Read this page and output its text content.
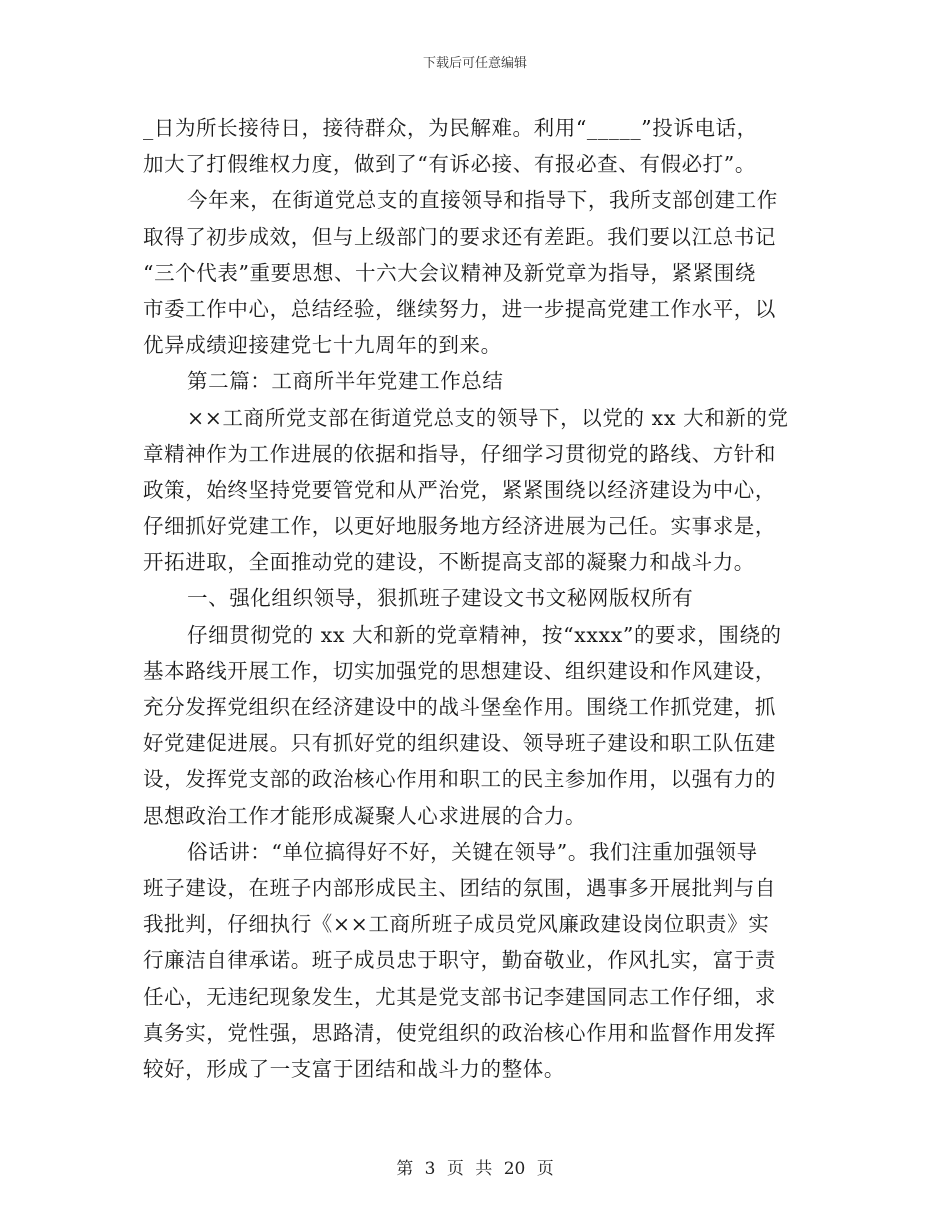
下载后可任意编辑
_日为所长接待日，接待群众，为民解难。利用“_____”投诉电话，
加大了打假维权力度，做到了“有诉必接、有报必查、有假必打”。
今年来，在街道党总支的直接领导和指导下，我所支部创建工作
取得了初步成效，但与上级部门的要求还有差距。我们要以江总书记
“三个代表”重要思想、十六大会议精神及新党章为指导，紧紧围绕
市委工作中心，总结经验，继续努力，进一步提高党建工作水平，以
优异成绩迎接建党七十九周年的到来。
第二篇：工商所半年党建工作总结
××工商所党支部在街道党总支的领导下，以党的 xx 大和新的党
章精神作为工作进展的依据和指导，仔细学习贯彻党的路线、方针和
政策，始终坚持党要管党和从严治党，紧紧围绕以经济建设为中心，
仔细抓好党建工作，以更好地服务地方经济进展为己任。实事求是，
开拓进取，全面推动党的建设，不断提高支部的凝聚力和战斗力。
一、强化组织领导，狠抓班子建设文书文秘网版权所有
仔细贯彻党的 xx 大和新的党章精神，按“xxxx”的要求，围绕的
基本路线开展工作，切实加强党的思想建设、组织建设和作风建设，
充分发挥党组织在经济建设中的战斗堡垒作用。围绕工作抓党建，抓
好党建促进展。只有抓好党的组织建设、领导班子建设和职工队伍建
设，发挥党支部的政治核心作用和职工的民主参加作用，以强有力的
思想政治工作才能形成凝聚人心求进展的合力。
俗话讲：“单位搞得好不好，关键在领导”。我们注重加强领导
班子建设，在班子内部形成民主、团结的氛围，遇事多开展批判与自
我批判，仔细执行《××工商所班子成员党风廉政建设岗位职责》实
行廉洁自律承诺。班子成员忠于职守，勤奋敬业，作风扎实，富于责
任心，无违纪现象发生，尤其是党支部书记李建国同志工作仔细，求
真务实，党性强，思路清，使党组织的政治核心作用和监督作用发挥
较好，形成了一支富于团结和战斗力的整体。
第 3 页 共 20 页
